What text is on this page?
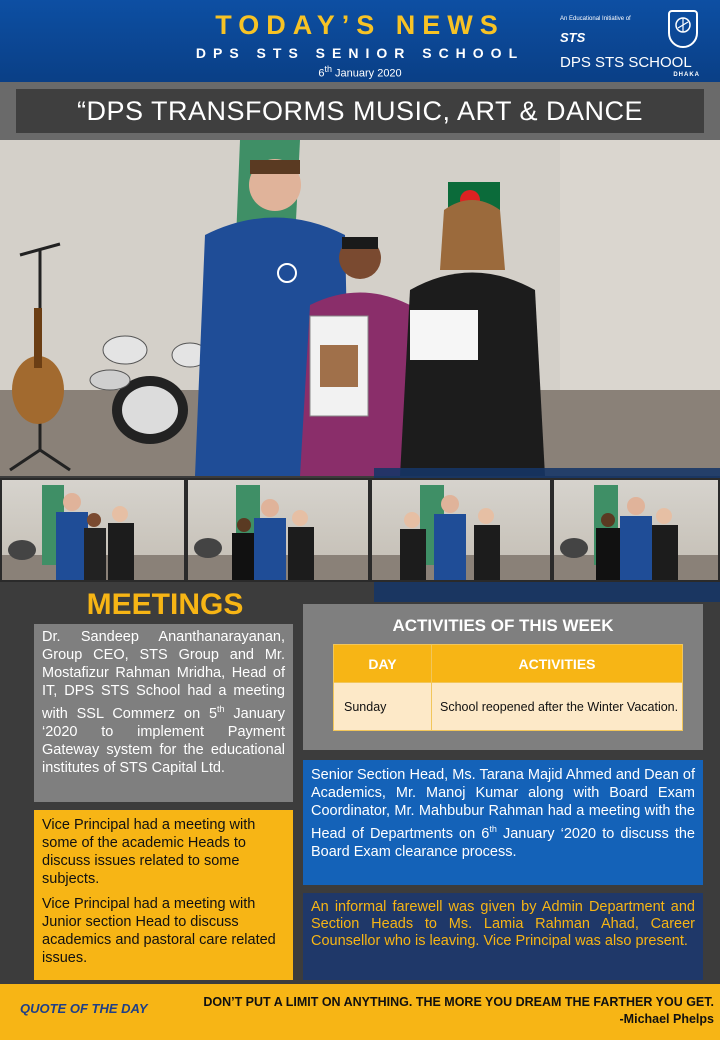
TODAY’S NEWS
DPS STS SENIOR SCHOOL
6th January 2020
An Educational Initiative of
STS
DPS STS SCHOOL
DHAKA
“DPS TRANSFORMS MUSIC, ART & DANCE
MEETINGS
Dr. Sandeep Ananthanarayanan, Group CEO, STS Group and Mr. Mostafizur Rahman Mridha, Head of IT, DPS STS School had a meeting with SSL Commerz on 5th January ‘2020 to implement Payment Gateway system for the educational institutes of STS Capital Ltd.

Vice Principal had a meeting with some of the academic Heads to discuss issues related to some subjects.

Vice Principal had a meeting with Junior section Head to discuss academics and pastoral care related issues.

ACTIVITIES OF THIS WEEK
DAY	ACTIVITIES
Sunday	School reopened after the Winter Vacation.
Senior Section Head, Ms. Tarana Majid Ahmed and Dean of Academics, Mr. Manoj Kumar along with Board Exam Coordinator, Mr. Mahbubur Rahman had a meeting with the Head of Departments on 6th January ‘2020 to discuss the Board Exam clearance process.
An informal farewell was given by Admin Department and Section Heads to Ms. Lamia Rahman Ahad, Career Counsellor who is leaving. Vice Principal was also present.
QUOTE OF THE DAY	DON’T PUT A LIMIT ON ANYTHING. THE MORE YOU DREAM THE FARTHER YOU GET.
-Michael Phelps
